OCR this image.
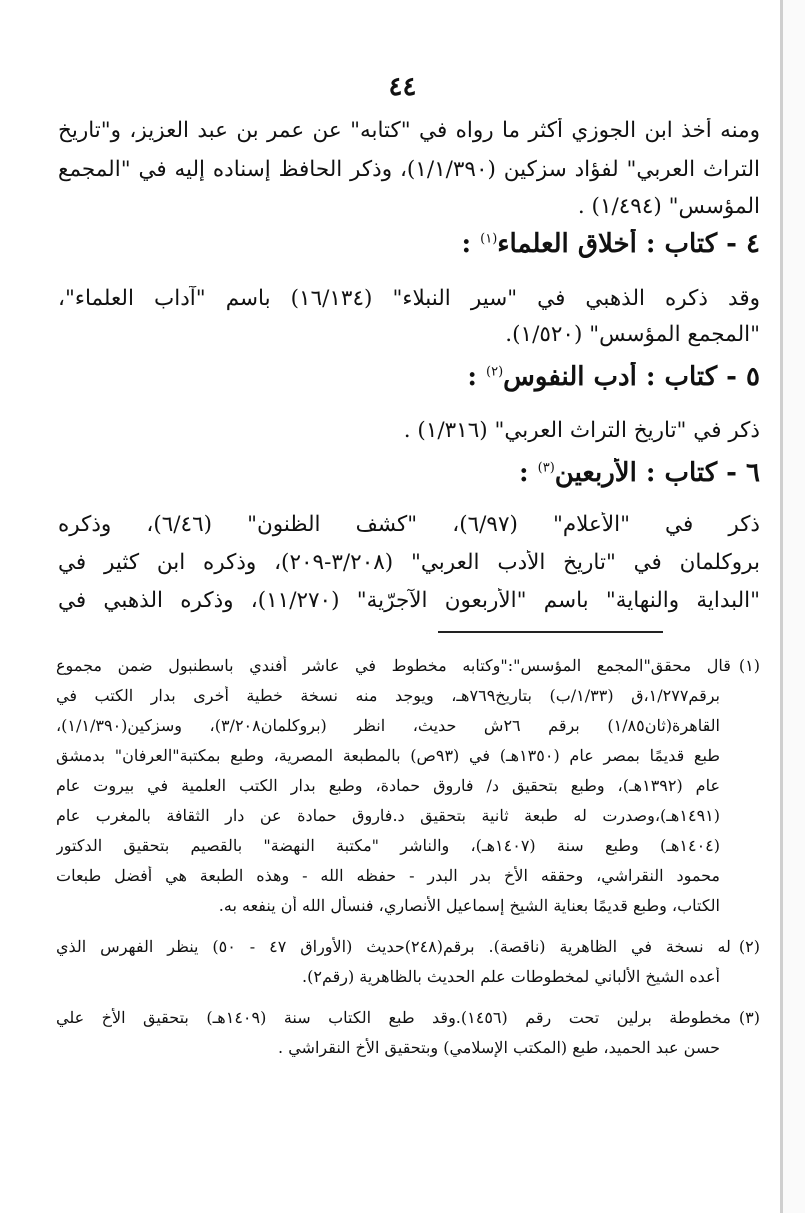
٤٤
ومنه أخذ ابن الجوزي أكثر ما رواه في "كتابه" عن عمر بن عبد العزيز، و"تاريخ
التراث العربي" لفؤاد سزكين (١/١/٣٩٠)، وذكر الحافظ إسناده إليه في "المجمع
المؤسس" (١/٤٩٤) .
٤ - كتاب : أخلاق العلماء$^{(١)}$ :
وقد ذكره الذهبي في "سير النبلاء" (١٦/١٣٤) باسم "آداب العلماء"،
"المجمع المؤسس" (١/٥٢٠).
٥ - كتاب : أدب النفوس$^{(٢)}$ :
ذكر في "تاريخ التراث العربي" (١/٣١٦) .
٦ - كتاب : الأربعين$^{(٣)}$ :
ذكر في "الأعلام" (٦/٩٧)، "كشف الظنون" (٦/٤٦)، وذكره
بروكلمان في "تاريخ الأدب العربي" (٣/٢٠٨-٢٠٩)، وذكره ابن كثير في
"البداية والنهاية" باسم "الأربعون الآجرّية" (١١/٢٧٠)، وذكره الذهبي في
(١)قال محقق"المجمع المؤسس":"وكتابه مخطوط في عاشر أفندي باسطنبول ضمن مجموع
برقم١/٢٧٧،ق (١/٣٣/ب) بتاريخ٧٦٩هـ، ويوجد منه نسخة خطية أخرى بدار الكتب في
القاهرة(ثان١/٨٥) برقم ٢٦ش حديث، انظر (بروكلمان٣/٢٠٨)، وسزكين(١/١/٣٩٠)،
طبع قديمًا بمصر عام (١٣٥٠هـ) في (٩٣ص) بالمطبعة المصرية، وطبع بمكتبة"العرفان" بدمشق
عام (١٣٩٢هـ)، وطبع بتحقيق د/ فاروق حمادة، وطبع بدار الكتب العلمية في بيروت عام
(١٤٩١هـ)،وصدرت له طبعة ثانية بتحقيق د.فاروق حمادة عن دار الثقافة بالمغرب عام
(١٤٠٤هـ) وطبع سنة (١٤٠٧هـ)، والناشر "مكتبة النهضة" بالقصيم بتحقيق الدكتور
محمود النقراشي، وحققه الأخ بدر البدر - حفظه الله - وهذه الطبعة هي أفضل طبعات
الكتاب، وطبع قديمًا بعناية الشيخ إسماعيل الأنصاري، فنسأل الله أن ينفعه به.
(٢)له نسخة في الظاهرية (ناقصة). برقم(٢٤٨)حديث (الأوراق ٤٧ - ٥٠) ينظر الفهرس الذي
أعده الشيخ الألباني لمخطوطات علم الحديث بالظاهرية (رقم٢).
(٣)مخطوطة برلين تحت رقم (١٤٥٦).وقد طبع الكتاب سنة (١٤٠٩هـ) بتحقيق الأخ علي
حسن عبد الحميد، طبع (المكتب الإسلامي) وبتحقيق الأخ النقراشي .
